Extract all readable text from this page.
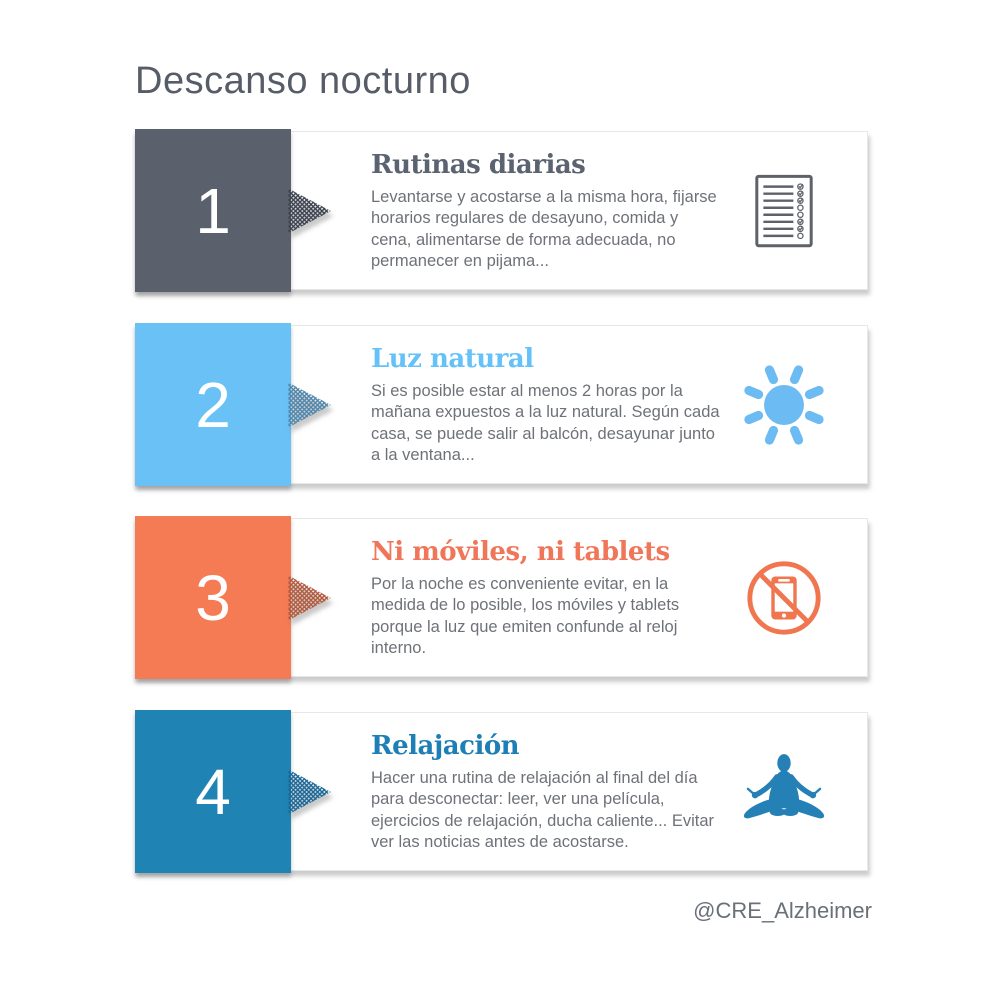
Descanso nocturno
1
Rutinas diarias

Levantarse y acostarse a la misma hora, fijarse horarios regulares de desayuno, comida y cena, alimentarse de forma adecuada, no permanecer en pijama...

2
Luz natural

Si es posible estar al menos 2 horas por la mañana expuestos a la luz natural. Según cada casa, se puede salir al balcón, desayunar junto a la ventana...

3
Ni móviles, ni tablets

Por la noche es conveniente evitar, en la medida de lo posible, los móviles y tablets porque la luz que emiten confunde al reloj interno.

4
Relajación

Hacer una rutina de relajación al final del día para desconectar: leer, ver una película, ejercicios de relajación, ducha caliente... Evitar ver las noticias antes de acostarse.

@CRE_Alzheimer
